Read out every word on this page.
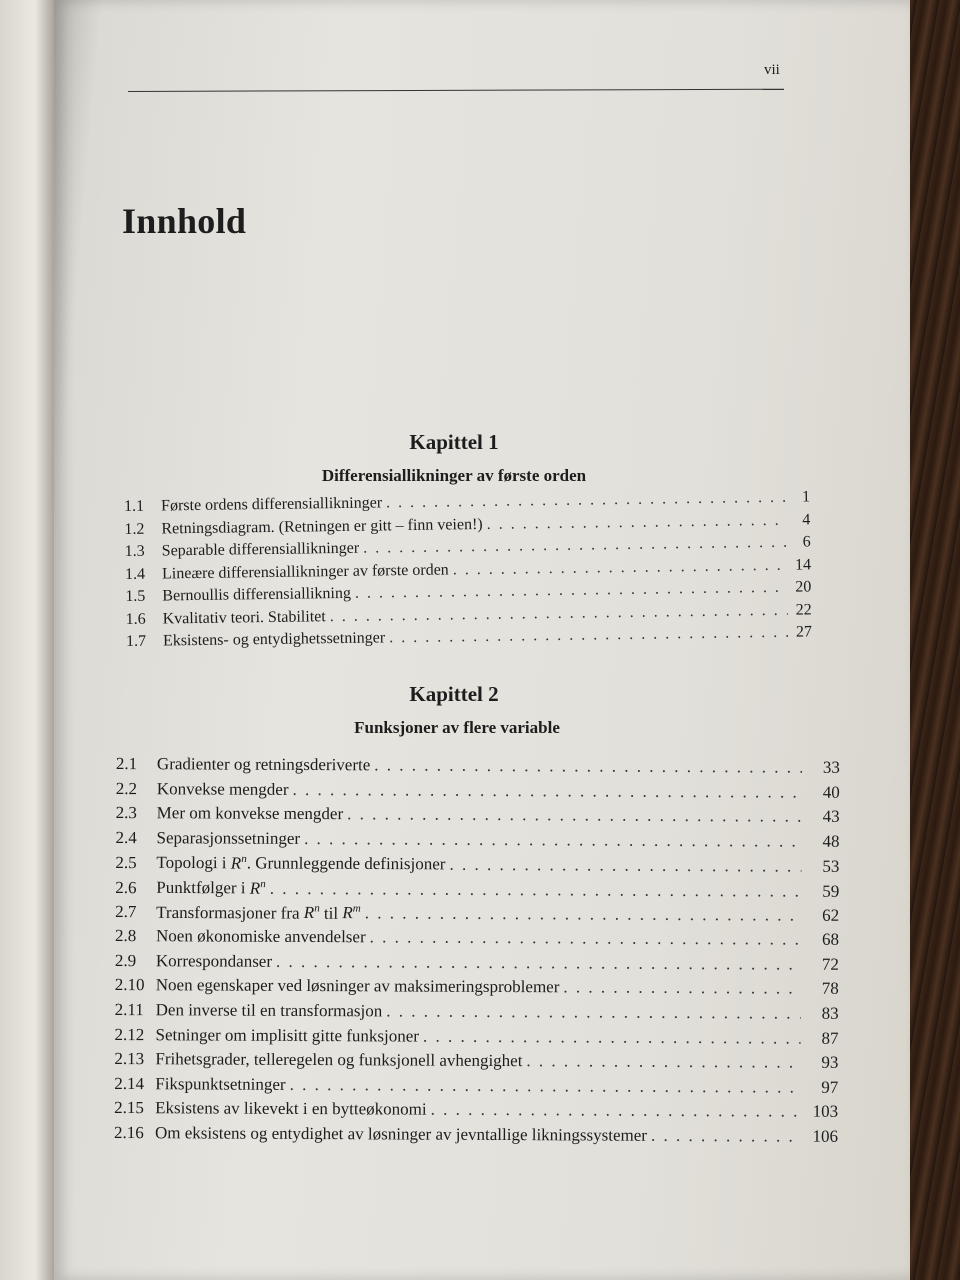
vii
Innhold
Kapittel 1
Differensiallikninger av første orden
1.1	Første ordens differensiallikninger . . .	1
1.2	Retningsdiagram. (Retningen er gitt – finn veien!) . . .	4
1.3	Separable differensiallikninger . . .	6
1.4	Lineære differensiallikninger av første orden . . .	14
1.5	Bernoullis differensiallikning . . .	20
1.6	Kvalitativ teori. Stabilitet . . .	22
1.7	Eksistens- og entydighetssetninger . . .	27
Kapittel 2
Funksjoner av flere variable
2.1	Gradienter og retningsderiverte . . .	33
2.2	Konvekse mengder . . .	40
2.3	Mer om konvekse mengder . . .	43
2.4	Separasjonssetninger . . .	48
2.5	Topologi i $R^n$. Grunnleggende definisjoner . . .	53
2.6	Punktfølger i $R^n$ . . .	59
2.7	Transformasjoner fra $R^n$ til $R^m$ . . .	62
2.8	Noen økonomiske anvendelser . . .	68
2.9	Korrespondanser . . .	72
2.10 Noen egenskaper ved løsninger av maksimeringsproblemer . . .	78
2.11 Den inverse til en transformasjon . . .	83
2.12 Setninger om implisitt gitte funksjoner . . .	87
2.13 Frihetsgrader, telleregelen og funksjonell avhengighet . . .	93
2.14 Fikspunktsetninger . . .	97
2.15 Eksistens av likevekt i en bytteøkonomi . . .	103
2.16 Om eksistens og entydighet av løsninger av jevntallige likningssystemer . . .	106
